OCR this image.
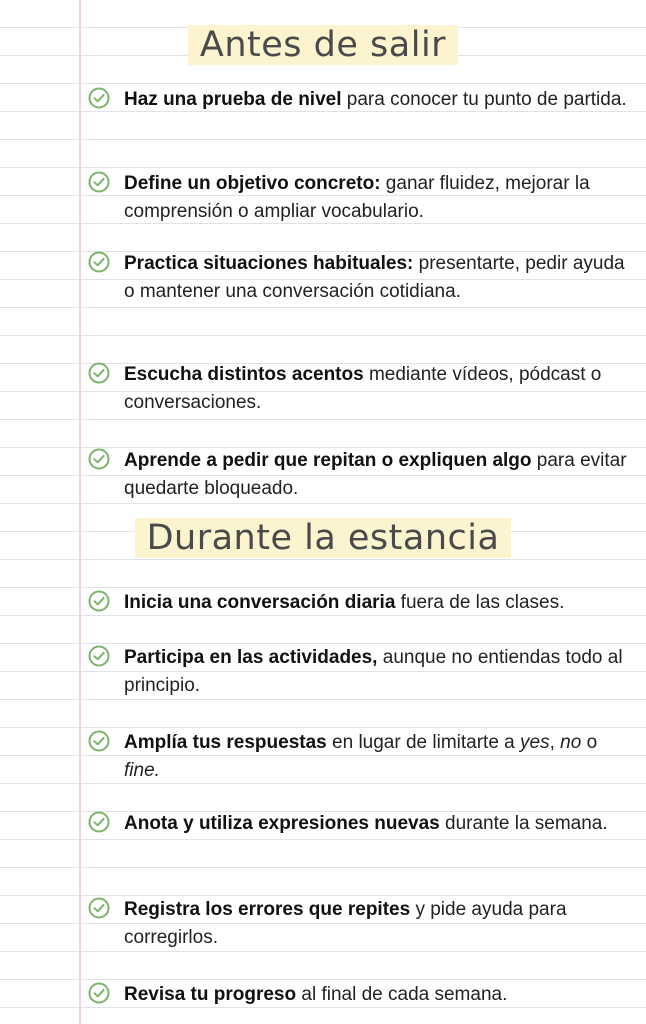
Antes de salir
Haz una prueba de nivel para conocer tu punto de partida.
Define un objetivo concreto: ganar fluidez, mejorar la comprensión o ampliar vocabulario.
Practica situaciones habituales: presentarte, pedir ayuda o mantener una conversación cotidiana.
Escucha distintos acentos mediante vídeos, pódcast o conversaciones.
Aprende a pedir que repitan o expliquen algo para evitar quedarte bloqueado.
Durante la estancia
Inicia una conversación diaria fuera de las clases.
Participa en las actividades, aunque no entiendas todo al principio.
Amplía tus respuestas en lugar de limitarte a yes, no o fine.
Anota y utiliza expresiones nuevas durante la semana.
Registra los errores que repites y pide ayuda para corregirlos.
Revisa tu progreso al final de cada semana.
